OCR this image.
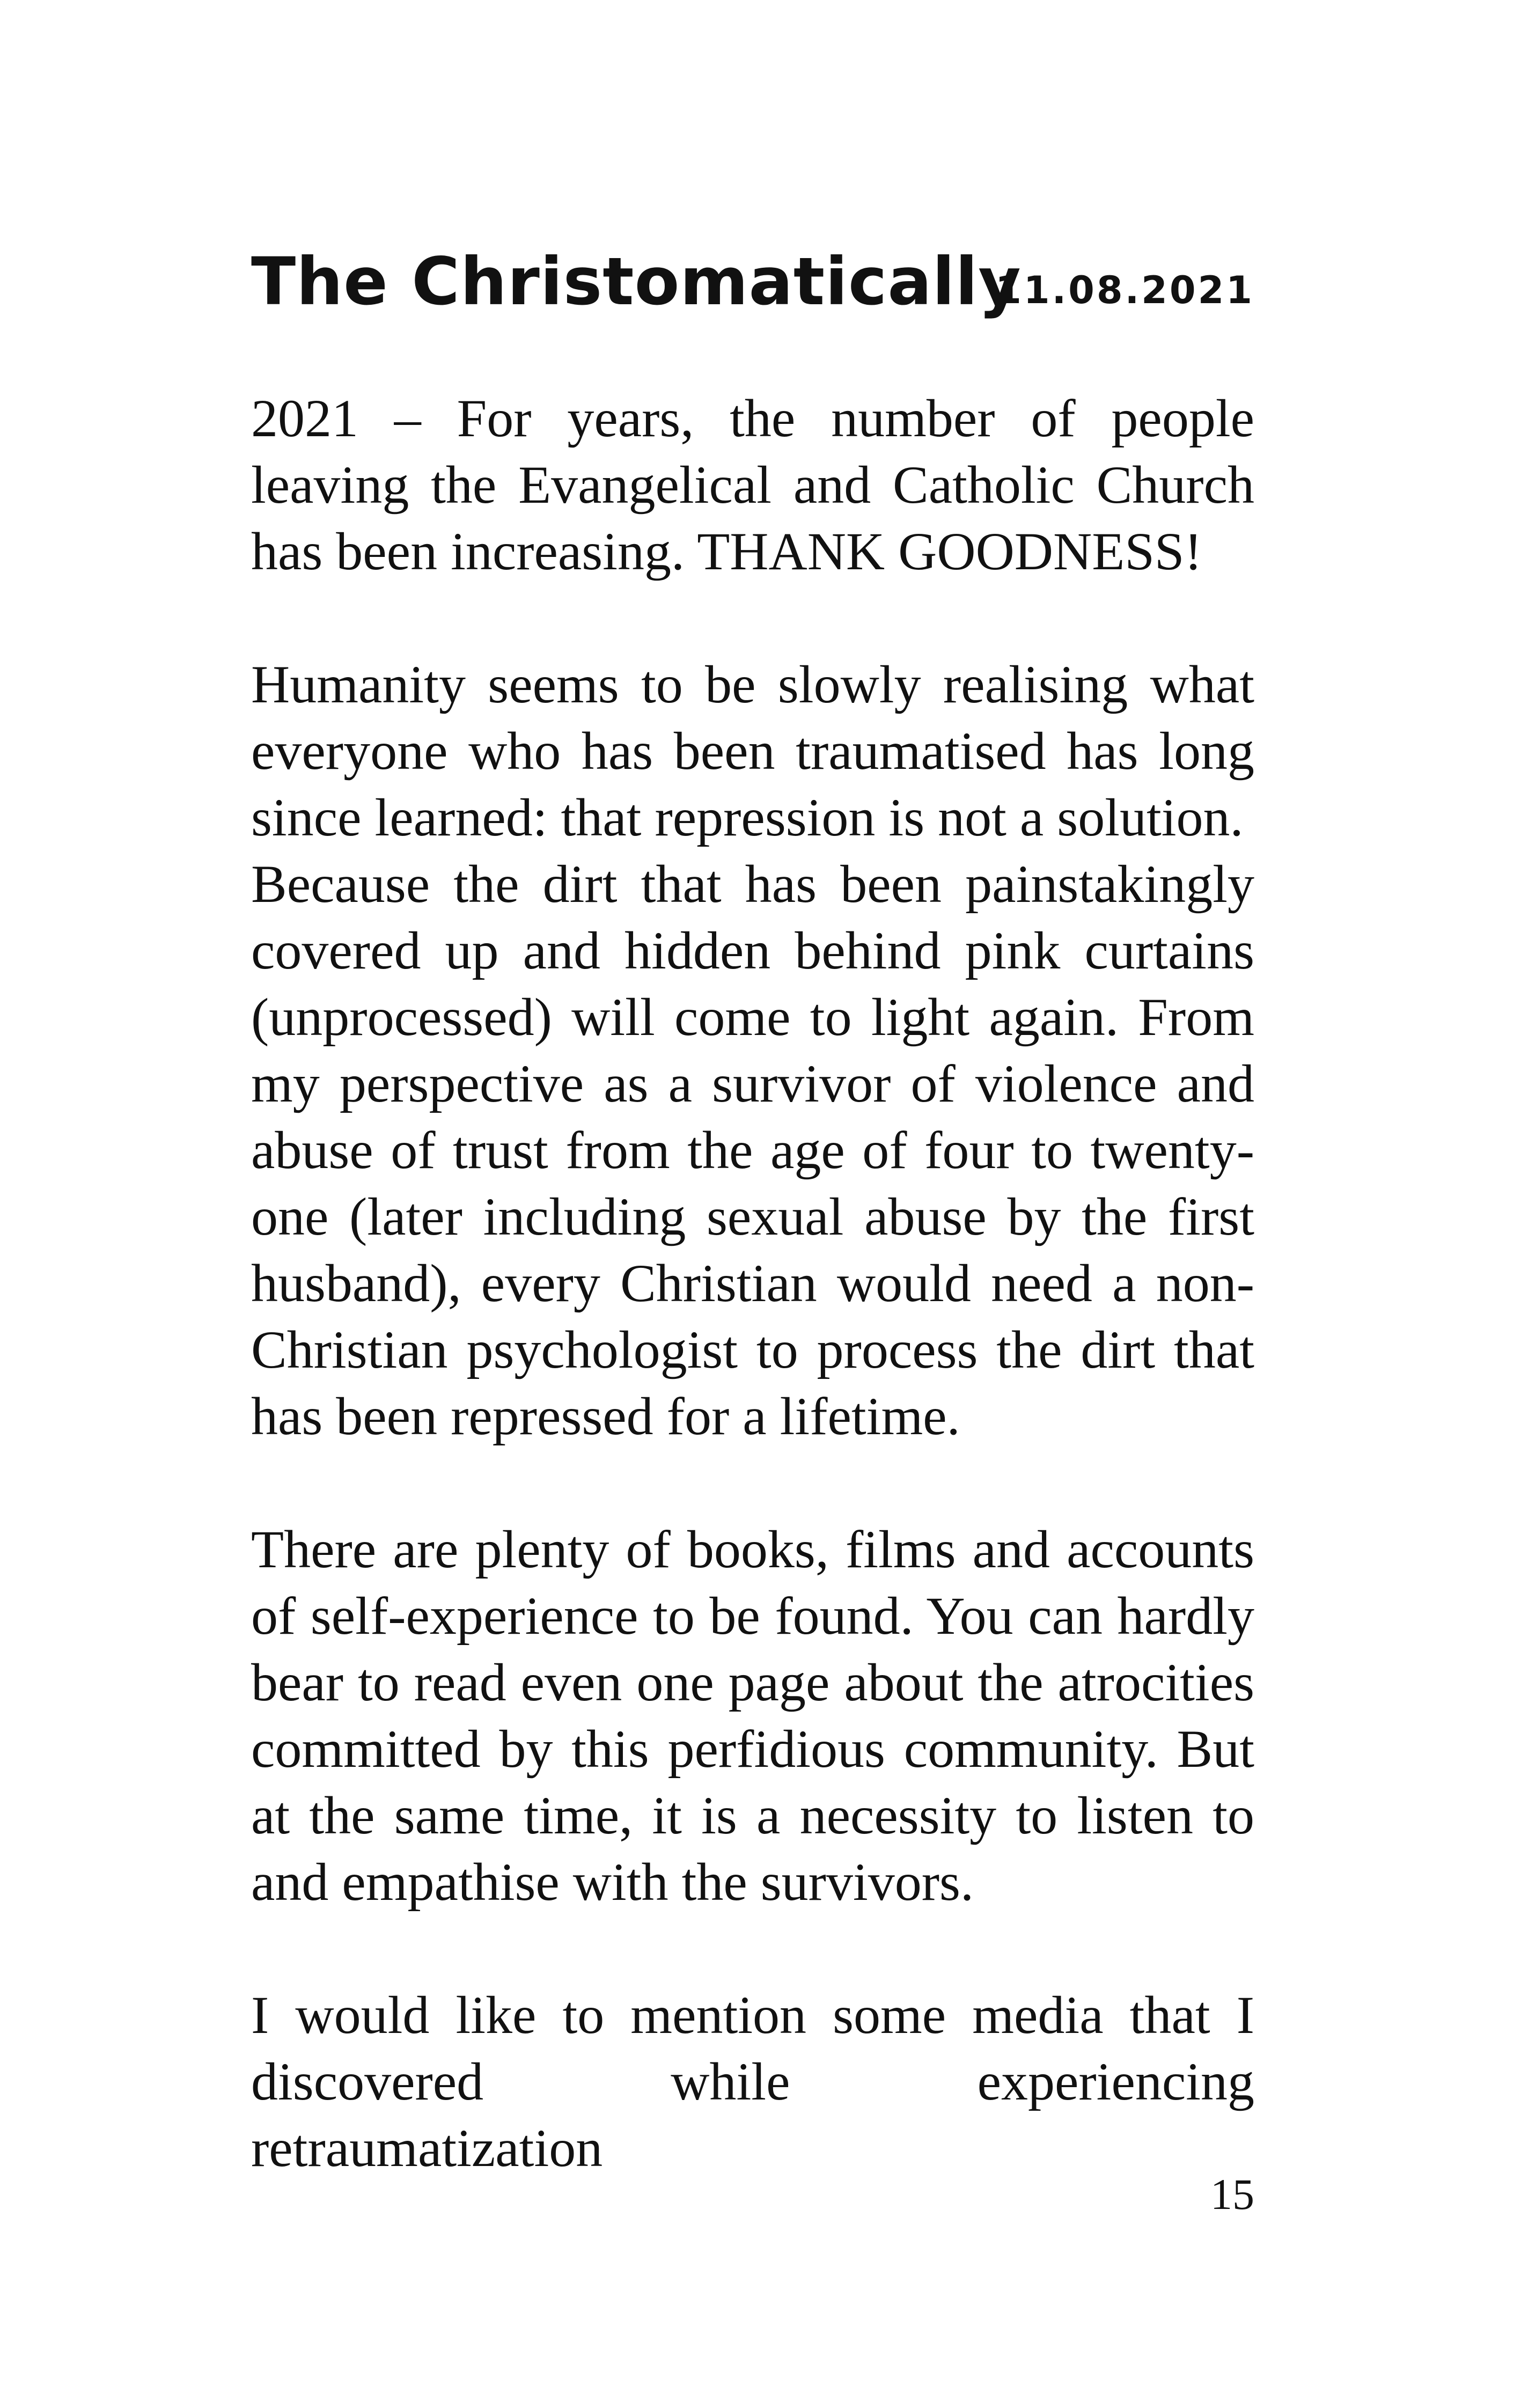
The Christomatically
11.08.2021

2021 – For years, the number of people leaving the Evangelical and Catholic Church has been increasing. THANK GOODNESS!

Humanity seems to be slowly realising what everyone who has been traumatised has long since learned: that repression is not a solution.

Because the dirt that has been painstakingly covered up and hidden behind pink curtains (unprocessed) will come to light again. From my perspective as a survivor of violence and abuse of trust from the age of four to twenty-one (later including sexual abuse by the first husband), every Christian would need a non-Christian psychologist to process the dirt that has been repressed for a lifetime.

There are plenty of books, films and accounts of self-experience to be found. You can hardly bear to read even one page about the atrocities committed by this perfidious community. But at the same time, it is a necessity to listen to and empathise with the survivors.

I would like to mention some media that I discovered while experiencing retraumatization

15
